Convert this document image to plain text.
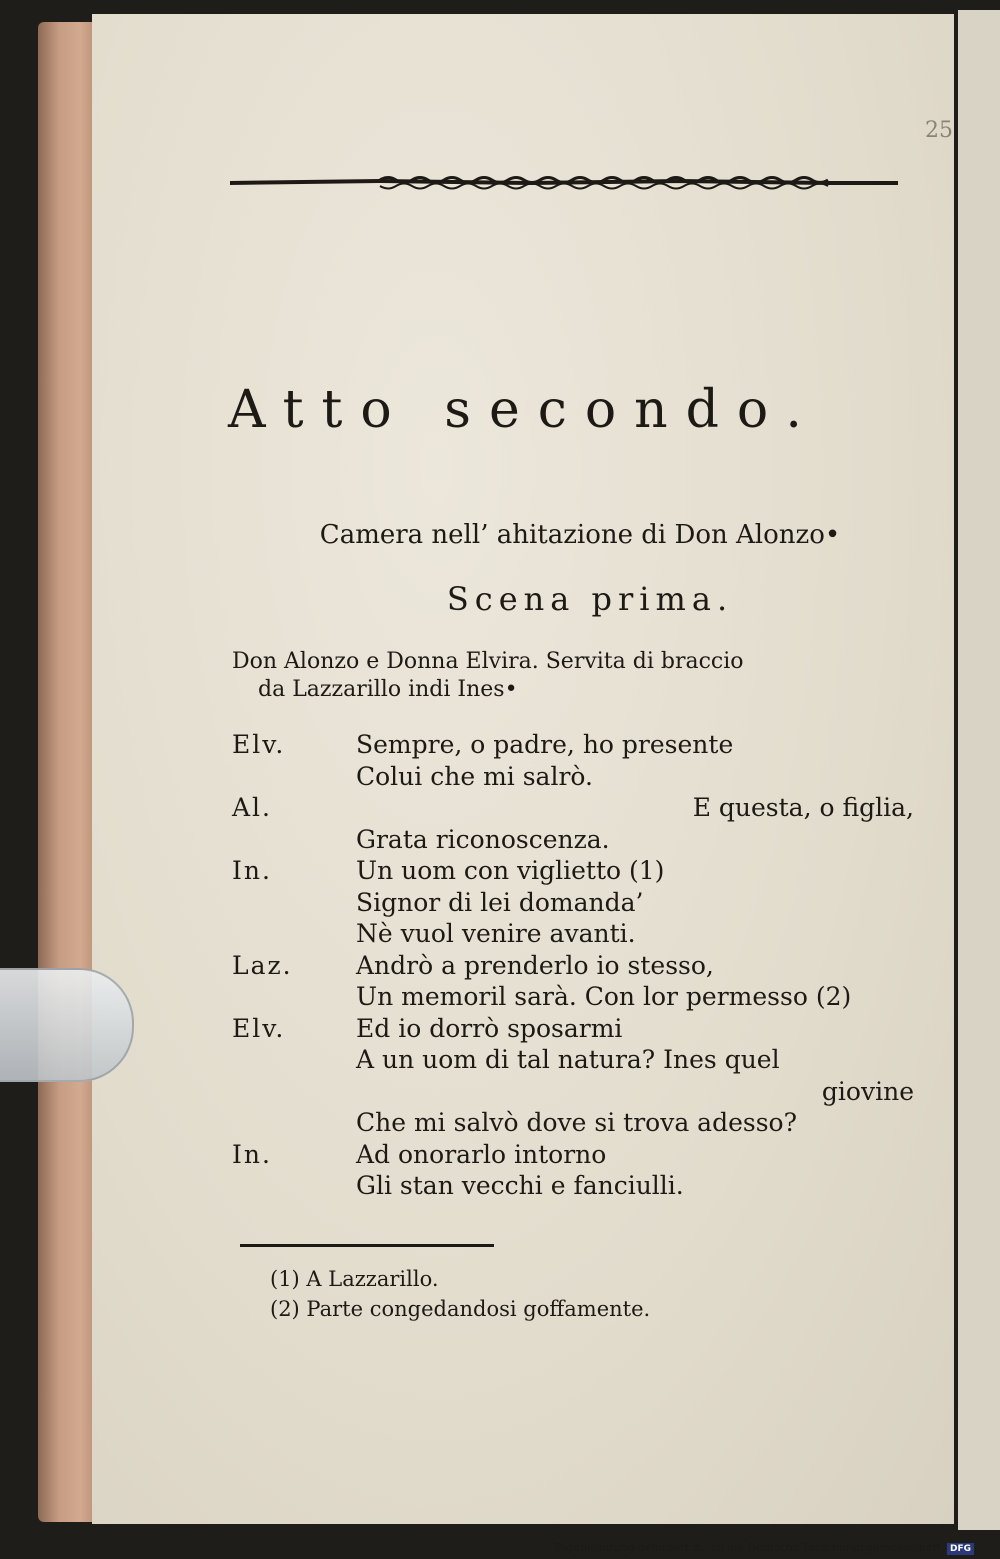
25
Atto secondo.
Camera nell’ ahitazione di Don Alonzo•
Scena prima.
Don Alonzo e Donna Elvira. Servita di braccio
da Lazzarillo indi Ines•
Elv.	Sempre, o padre, ho presente
Colui che mi salrò.
Al.	E questa, o figlia,
Grata riconoscenza.
In.	Un uom con viglietto (1)
Signor di lei domanda’
Nè vuol venire avanti.
Laz.	Andrò a prenderlo io stesso,
Un memoril sarà. Con lor permesso (2)
Elv.	Ed io dorrò sposarmi
A un uom di tal natura? Ines quel
giovine
Che mi salvò dove si trova adesso?
In.	Ad onorarlo intorno
Gli stan vecchi e fanciulli.
(1) A Lazzarillo.
(2) Parte congedandosi goffamente.
Digitalisierung gefördert durch die Deutsche Forschungsgemeinschaft DFG
